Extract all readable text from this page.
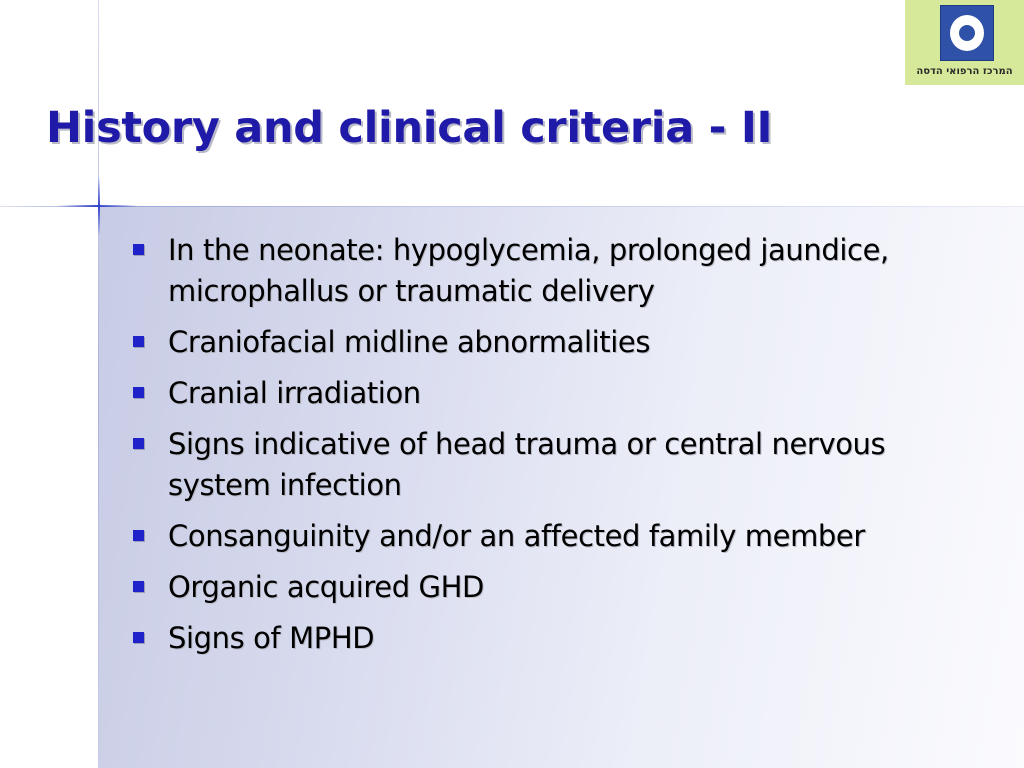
המרכז הרפואי הדסה
History and clinical criteria - II
In the neonate: hypoglycemia, prolonged jaundice, microphallus or traumatic delivery
Craniofacial midline abnormalities
Cranial irradiation
Signs indicative of head trauma or central nervous system infection
Consanguinity and/or an affected family member
Organic acquired GHD
Signs of MPHD
